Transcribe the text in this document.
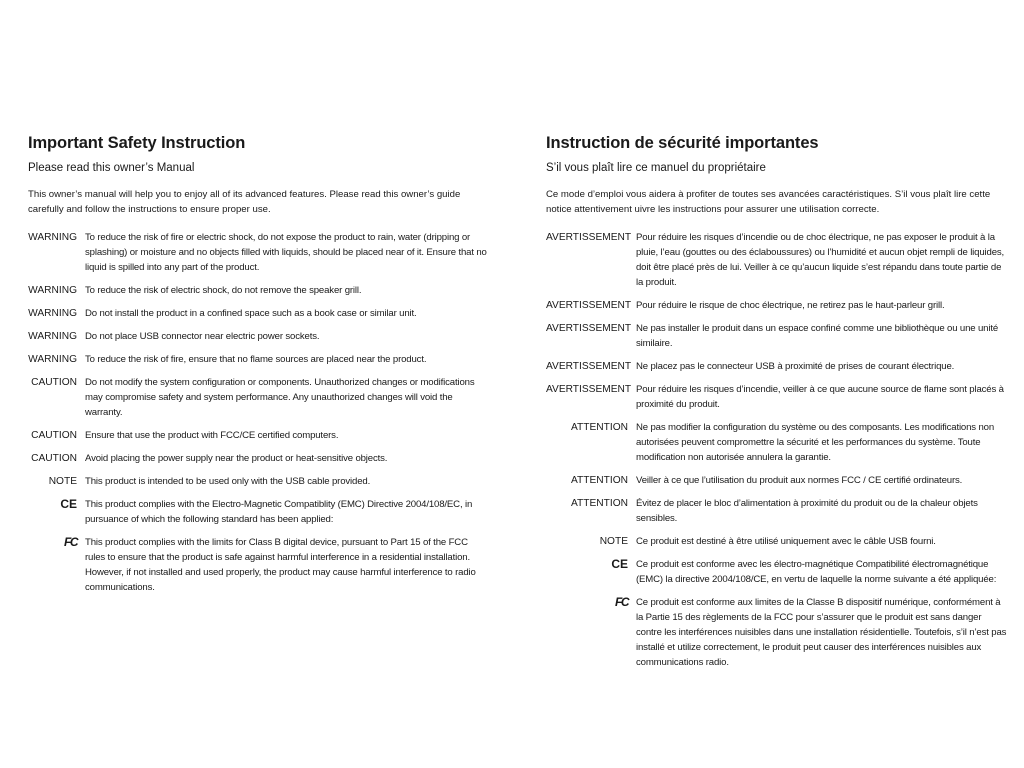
Important Safety Instruction

Please read this owner’s Manual

This owner’s manual will help you to enjoy all of its advanced features. Please read this owner’s guide carefully and follow the instructions to ensure proper use.

WARNING To reduce the risk of fire or electric shock, do not expose the product to rain, water (dripping or splashing) or moisture and no objects filled with liquids, should be placed near of it. Ensure that no liquid is spilled into any part of the product.
WARNING To reduce the risk of electric shock, do not remove the speaker grill.
WARNING Do not install the product in a confined space such as a book case or similar unit.
WARNING Do not place USB connector near electric power sockets.
WARNING To reduce the risk of fire, ensure that no flame sources are placed near the product.
CAUTION Do not modify the system configuration or components. Unauthorized changes or modifications may compromise safety and system performance. Any unauthorized changes will void the warranty.
CAUTION Ensure that use the product with FCC/CE certified computers.
CAUTION Avoid placing the power supply near the product or heat-sensitive objects.
NOTE This product is intended to be used only with the USB cable provided.
CE This product complies with the Electro-Magnetic Compatiblity (EMC) Directive 2004/108/EC, in pursuance of which the following standard has been applied:
FC This product complies with the limits for Class B digital device, pursuant to Part 15 of the FCC rules to ensure that the product is safe against harmful interference in a residential installation. However, if not installed and used properly, the product may cause harmful interference to radio communications.
Instruction de sécurité importantes

S’il vous plaît lire ce manuel du propriétaire

Ce mode d’emploi vous aidera à profiter de toutes ses avancées caractéristiques. S’il vous plaît lire cette notice attentivement uivre les instructions pour assurer une utilisation correcte.

AVERTISSEMENT Pour réduire les risques d’incendie ou de choc électrique, ne pas exposer le produit à la pluie, l’eau (gouttes ou des éclaboussures) ou l’humidité et aucun objet rempli de liquides, doit être placé près de lui. Veiller à ce qu’aucun liquide s’est répandu dans toute partie de la produit.
AVERTISSEMENT Pour réduire le risque de choc électrique, ne retirez pas le haut-parleur grill.
AVERTISSEMENT Ne pas installer le produit dans un espace confiné comme une bibliothèque ou une unité similaire.
AVERTISSEMENT Ne placez pas le connecteur USB à proximité de prises de courant électrique.
AVERTISSEMENT Pour réduire les risques d’incendie, veiller à ce que aucune source de flame sont placés à proximité du produit.
ATTENTION Ne pas modifier la configuration du système ou des composants. Les modifications non autorisées peuvent compromettre la sécurité et les performances du système. Toute modification non autorisée annulera la garantie.
ATTENTION Veiller à ce que l’utilisation du produit aux normes FCC / CE certifié ordinateurs.
ATTENTION Évitez de placer le bloc d’alimentation à proximité du produit ou de la chaleur objets sensibles.
NOTE Ce produit est destiné à être utilisé uniquement avec le câble USB fourni.
CE Ce produit est conforme avec les électro-magnétique Compatibilité électromagnétique (EMC) la directive 2004/108/CE, en vertu de laquelle la norme suivante a été appliquée:
FC Ce produit est conforme aux limites de la Classe B dispositif numérique, conformément à la Partie 15 des règlements de la FCC pour s’assurer que le produit est sans danger contre les interférences nuisibles dans une installation résidentielle. Toutefois, s’il n’est pas installé et utilize correctement, le produit peut causer des interférences nuisibles aux communications radio.
